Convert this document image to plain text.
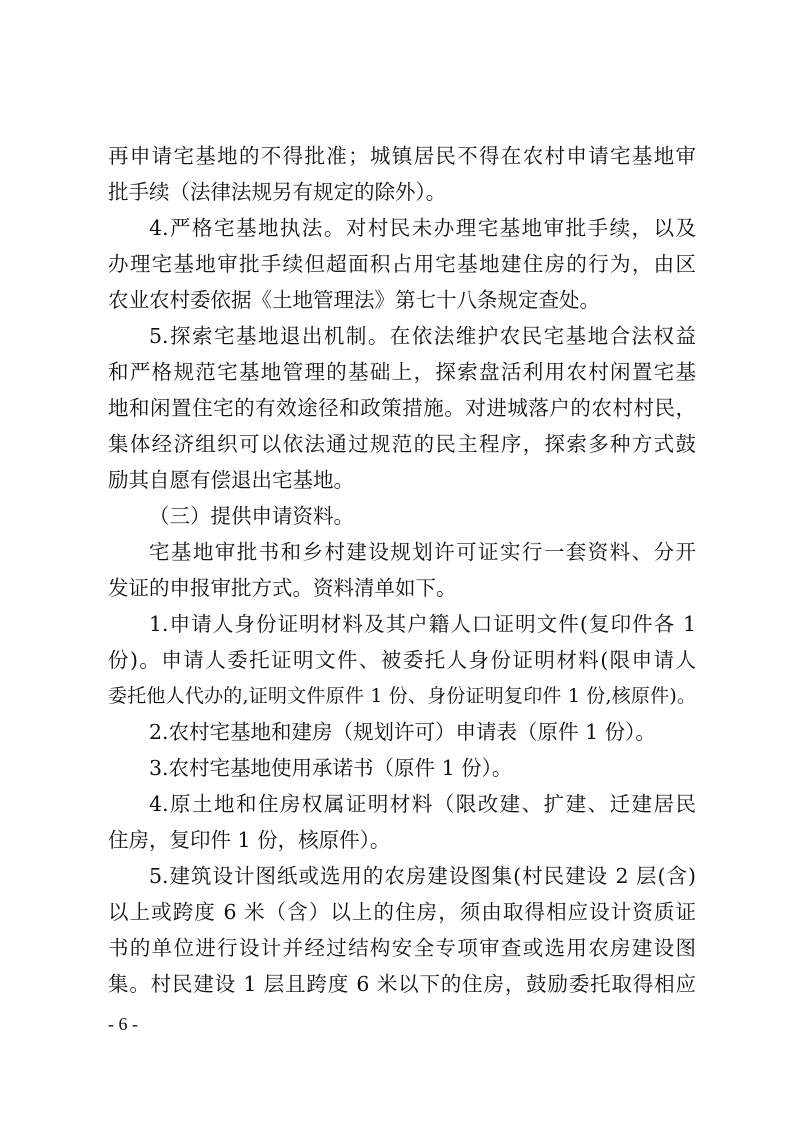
再申请宅基地的不得批准；城镇居民不得在农村申请宅基地审
批手续（法律法规另有规定的除外）。
4.严格宅基地执法。对村民未办理宅基地审批手续，以及
办理宅基地审批手续但超面积占用宅基地建住房的行为，由区
农业农村委依据《土地管理法》第七十八条规定查处。
5.探索宅基地退出机制。在依法维护农民宅基地合法权益
和严格规范宅基地管理的基础上，探索盘活利用农村闲置宅基
地和闲置住宅的有效途径和政策措施。对进城落户的农村村民，
集体经济组织可以依法通过规范的民主程序，探索多种方式鼓
励其自愿有偿退出宅基地。
（三）提供申请资料。
宅基地审批书和乡村建设规划许可证实行一套资料、分开
发证的申报审批方式。资料清单如下。
1.申请人身份证明材料及其户籍人口证明文件(复印件各 1
份)。申请人委托证明文件、被委托人身份证明材料(限申请人
委托他人代办的,证明文件原件 1 份、身份证明复印件 1 份,核原件)。
2.农村宅基地和建房（规划许可）申请表（原件 1 份）。
3.农村宅基地使用承诺书（原件 1 份）。
4.原土地和住房权属证明材料（限改建、扩建、迁建居民
住房，复印件 1 份，核原件）。
5.建筑设计图纸或选用的农房建设图集(村民建设 2 层(含)
以上或跨度 6 米（含）以上的住房，须由取得相应设计资质证
书的单位进行设计并经过结构安全专项审查或选用农房建设图
集。村民建设 1 层且跨度 6 米以下的住房，鼓励委托取得相应
- 6 -
